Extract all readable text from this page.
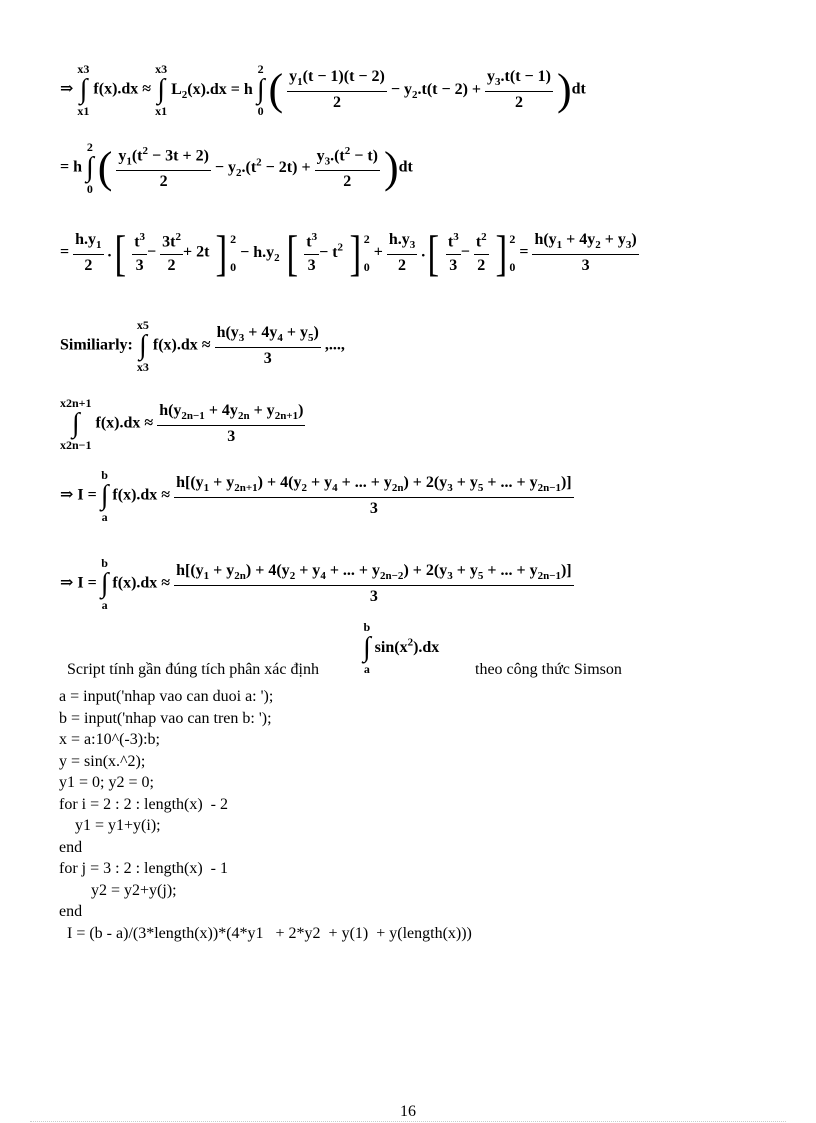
⇒
x3
∫
x1
f(x).dx ≈
x3
∫
x1
$L_2(x).dx = h$
2
∫
0 ( $\frac{y_1(t - 1)(t - 2)}{2} - y_2.t(t - 2) + \frac{y_3.t(t - 1)}{2} )dt$
= h
2
∫
0 ( $\frac{y_1(t^2 - 3t + 2)}{2} - y_2.(t^2 - 2t) + \frac{y_3.(t^2 - t)}{2} )dt$
= $\frac{h.y_1}{2}$ .[ $\frac{t^3}{3} - \frac{3t^2}{2} + 2t$ ] 2

0
− $h.y_2$ [ $\frac{t^3}{3} - t^2$ ] 2

0
+ $\frac{h.y_3}{2}$ .[ $\frac{t^3}{3} - \frac{t^2}{2}$ ] 2

0
= $\frac{h(y_1 + 4y_2 + y_3)}{3}$
Similiarly:
x5
∫
x3
$f(x).dx \approx \frac{h(y_3 + 4y_4 + y_5)}{3}$ ,...,
x2n+1
∫
x2n−1
$f(x).dx \approx \frac{h(y_{2n-1} + 4y_{2n} + y_{2n+1})}{3}$
⇒ I =
b
∫
a
f(x).dx ≈
$h[(y_1 + y_{2n+1}) + 4(y_2 + y_4$ + ... + $y_{2n}) + 2(y_3 + y_5$ + ... + $y_{2n-1}$)]
3
⇒ I =
b
∫
a
f(x).dx ≈
$h[(y_1 + y_{2n}) + 4(y_2 + y_4$ + ... + $y_{2n-2}) + 2(y_3 + y_5$ + ... + $y_{2n-1}$)]
3

Script tính gần đúng tích phân xác định

b
∫
a
$\sin(x^2).dx$

theo công thức Simson

a = input('nhap vao can duoi a: ');
b = input('nhap vao can tren b: ');
x = a:10^(-3):b;
y = sin(x.^2);
y1 = 0; y2 = 0;
for i = 2 : 2 : length(x)  - 2
y1 = y1+y(i);
end
for j = 3 : 2 : length(x)  - 1
y2 = y2+y(j);
end
I = (b - a)/(3*length(x))*(4*y1   + 2*y2  + y(1)  + y(length(x)))
16
